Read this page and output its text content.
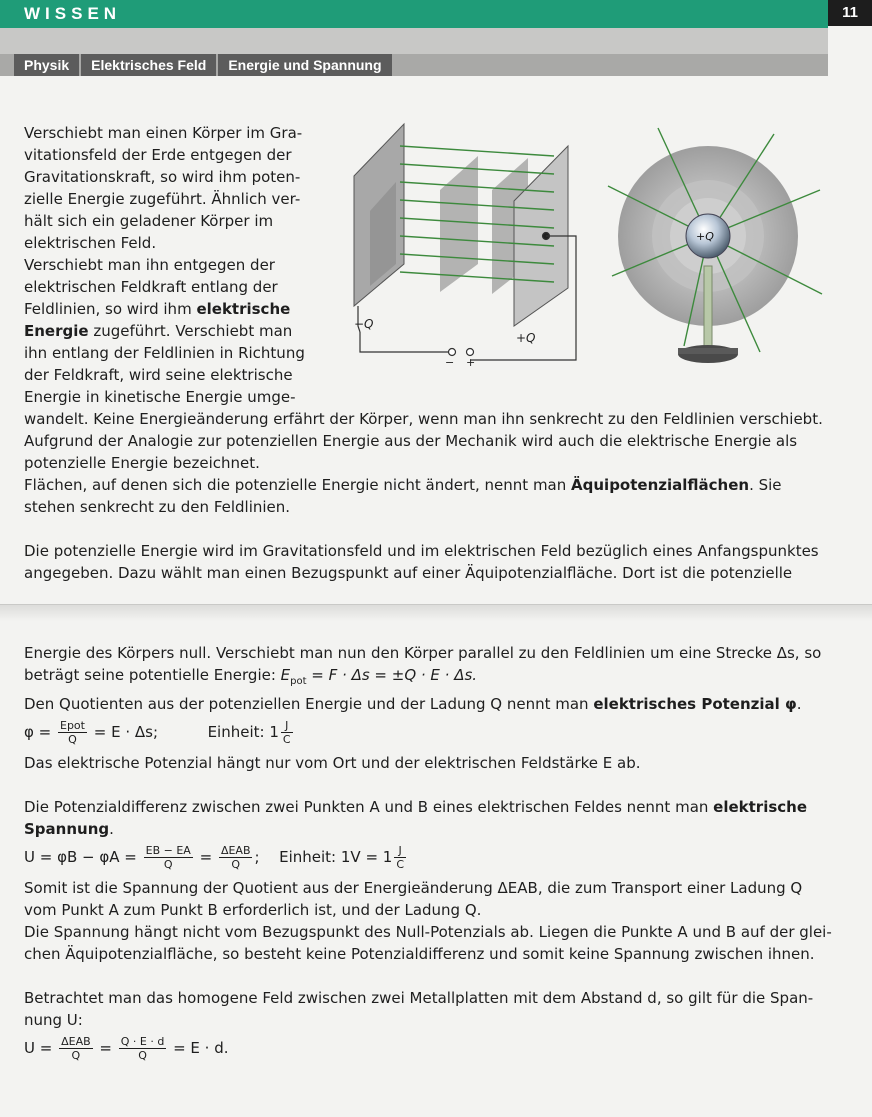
WISSEN	11
Physik	Elektrisches Feld	Energie und Spannung
−Q
+Q
− +
+Q

Verschiebt man einen Körper im Gra-

vitationsfeld der Erde entgegen der

Gravitationskraft, so wird ihm poten-

zielle Energie zugeführt. Ähnlich ver-

hält sich ein geladener Körper im

elektrischen Feld.

Verschiebt man ihn entgegen der

elektrischen Feldkraft entlang der

Feldlinien, so wird ihm elektrische

Energie zugeführt. Verschiebt man

ihn entlang der Feldlinien in Richtung

der Feldkraft, wird seine elektrische

Energie in kinetische Energie umge-

wandelt. Keine Energieänderung erfährt der Körper, wenn man ihn senkrecht zu den Feldlinien verschiebt. Aufgrund der Analogie zur potenziellen Energie aus der Mechanik wird auch die elektrische Energie als potenzielle Energie bezeichnet.

Flächen, auf denen sich die potenzielle Energie nicht ändert, nennt man Äquipotenzialflächen. Sie stehen senkrecht zu den Feldlinien.

Die potenzielle Energie wird im Gravitationsfeld und im elektrischen Feld bezüglich eines Anfangspunktes angegeben. Dazu wählt man einen Bezugspunkt auf einer Äquipotenzialfläche. Dort ist die potenzielle

Energie des Körpers null. Verschiebt man nun den Körper parallel zu den Feldlinien um eine Strecke Δs, so beträgt seine potentielle Energie: $E_{pot} = F \cdot \Delta s = \pm Q \cdot E \cdot \Delta s$.

Den Quotienten aus der potenziellen Energie und der Ladung Q nennt man elektrisches Potenzial φ.

$\varphi = \frac{\text{Epot}}{Q} = E \cdot \Delta s$;	Einheit: $1 \frac{J}{C}$

Das elektrische Potenzial hängt nur vom Ort und der elektrischen Feldstärke E ab.

Die Potenzialdifferenz zwischen zwei Punkten A und B eines elektrischen Feldes nennt man elektrische Spannung.

$U = \varphi B - \varphi A = \frac{EB - EA}{Q} = \frac{\text{ΔEAB}}{Q}$ ; Einheit: $1V = 1 \frac{J}{C}$

Somit ist die Spannung der Quotient aus der Energieänderung ΔEAB, die zum Transport einer Ladung Q vom Punkt A zum Punkt B erforderlich ist, und der Ladung Q.

Die Spannung hängt nicht vom Bezugspunkt des Null-Potenzials ab. Liegen die Punkte A und B auf der glei-chen Äquipotenzialfläche, so besteht keine Potenzialdifferenz und somit keine Spannung zwischen ihnen.

Betrachtet man das homogene Feld zwischen zwei Metallplatten mit dem Abstand d, so gilt für die Span-nung U:

$U = \frac{\text{ΔEAB}}{Q} = \frac{Q \cdot E \cdot d}{Q} = E \cdot d$.
